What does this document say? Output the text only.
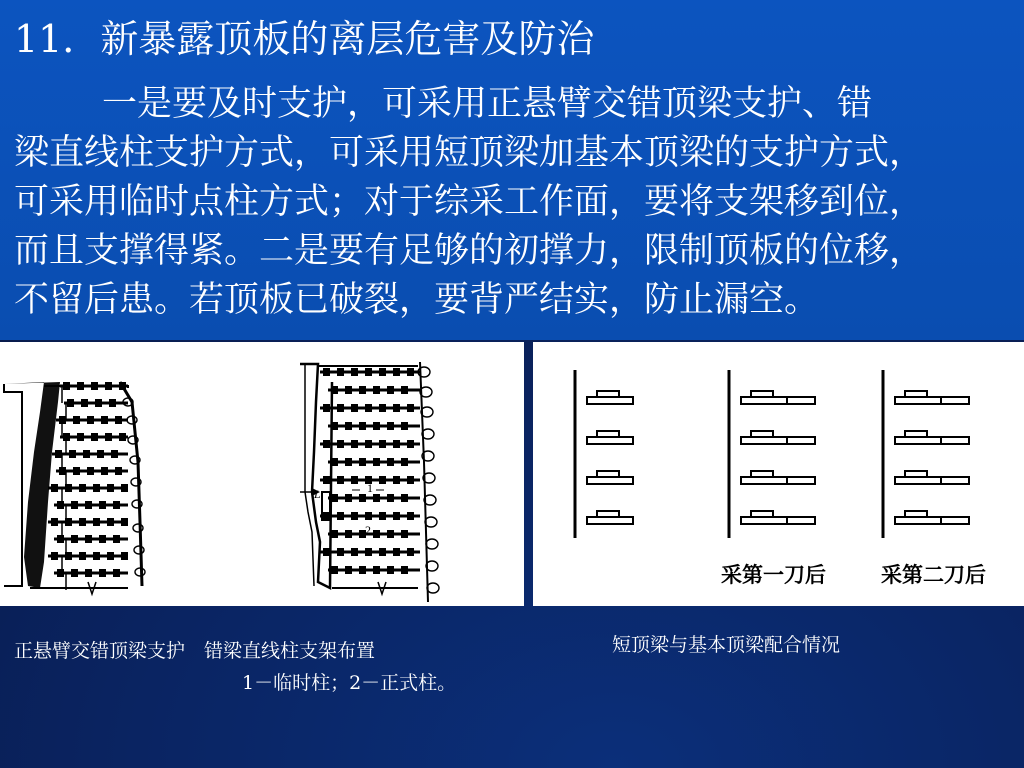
11．新暴露顶板的离层危害及防治

一是要及时支护，可采用正悬臂交错顶梁支护、错

梁直线柱支护方式，可采用短顶梁加基本顶梁的支护方式，

可采用临时点柱方式；对于综采工作面，要将支架移到位，

而且支撑得紧。二是要有足够的初撑力，限制顶板的位移，

不留后患。若顶板已破裂，要背严结实，防止漏空。

L	1
2
采第一刀后	采第二刀后
正悬臂交错顶梁支护　错梁直线柱支架布置
1－临时柱；2－正式柱。
短顶梁与基本顶梁配合情况
